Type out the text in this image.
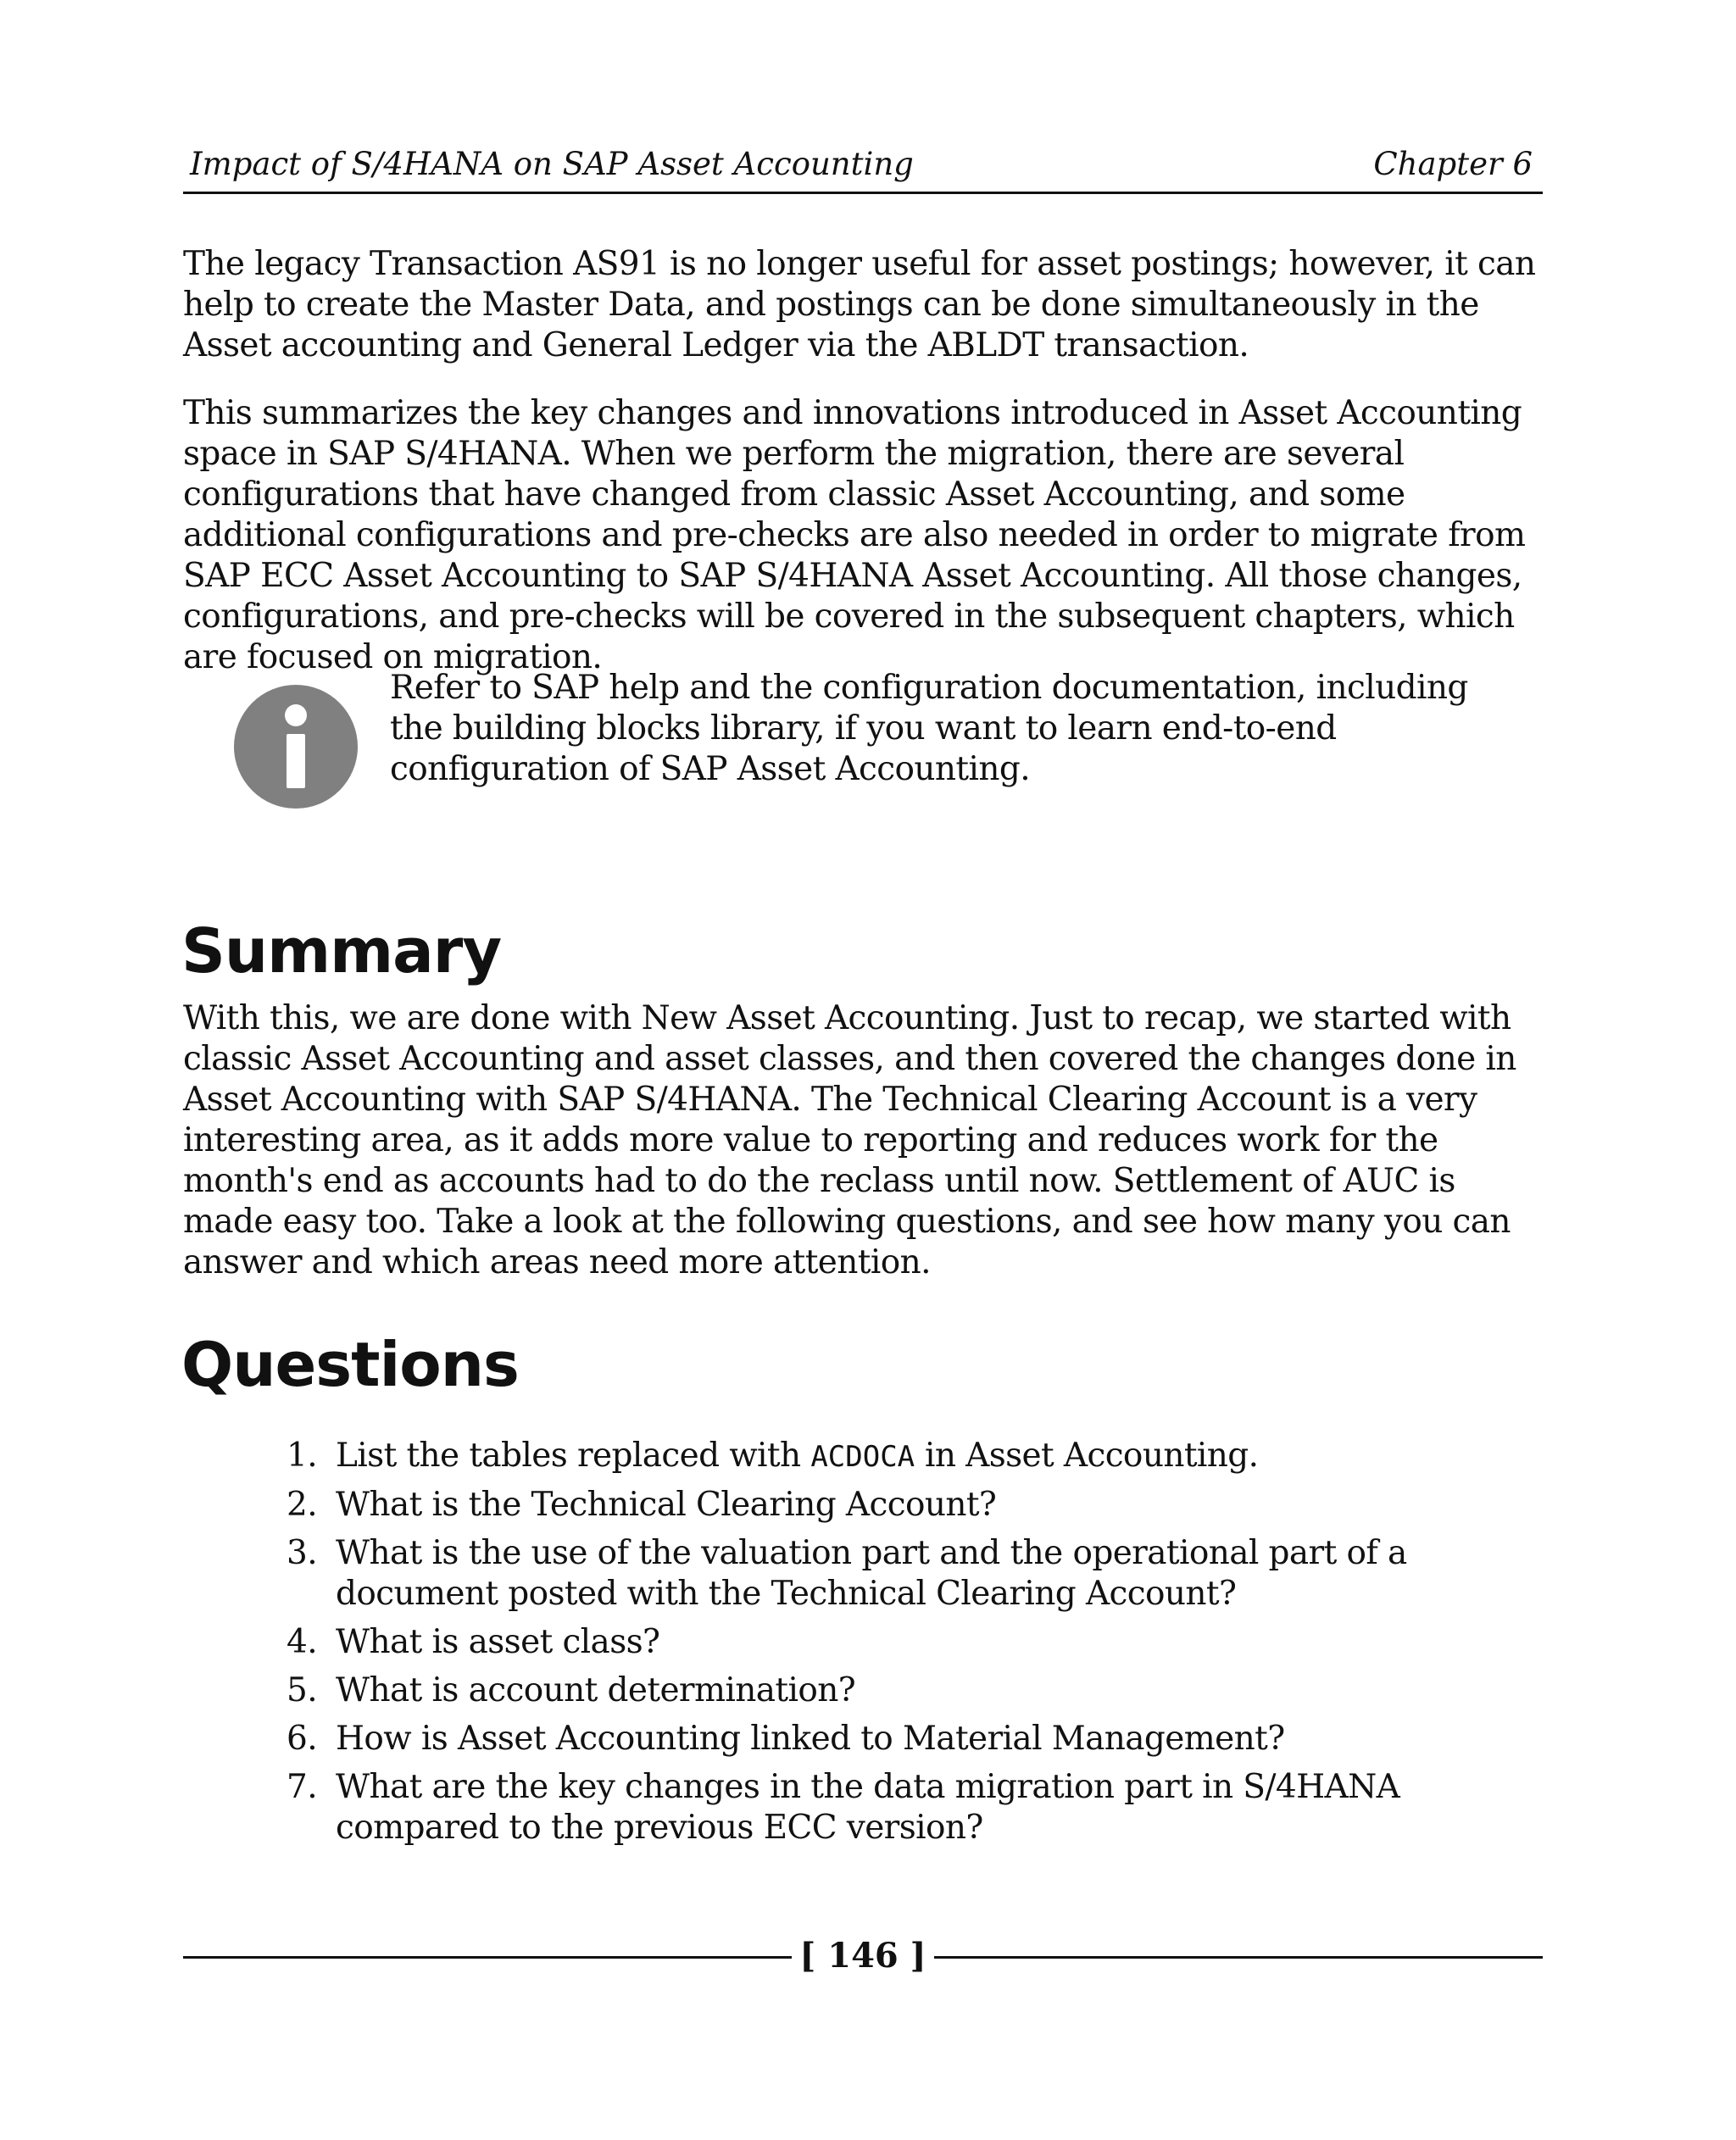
Impact of S/4HANA on SAP Asset Accounting	Chapter 6

The legacy Transaction AS91 is no longer useful for asset postings; however, it can help to create the Master Data, and postings can be done simultaneously in the Asset accounting and General Ledger via the ABLDT transaction.

This summarizes the key changes and innovations introduced in Asset Accounting space in SAP S/4HANA. When we perform the migration, there are several configurations that have changed from classic Asset Accounting, and some additional configurations and pre-checks are also needed in order to migrate from SAP ECC Asset Accounting to SAP S/4HANA Asset Accounting. All those changes, configurations, and pre-checks will be covered in the subsequent chapters, which are focused on migration.

Refer to SAP help and the configuration documentation, including the building blocks library, if you want to learn end-to-end configuration of SAP Asset Accounting.

Summary

With this, we are done with New Asset Accounting. Just to recap, we started with classic Asset Accounting and asset classes, and then covered the changes done in Asset Accounting with SAP S/4HANA. The Technical Clearing Account is a very interesting area, as it adds more value to reporting and reduces work for the month's end as accounts had to do the reclass until now. Settlement of AUC is made easy too. Take a look at the following questions, and see how many you can answer and which areas need more attention.

Questions
1. List the tables replaced with ACDOCA in Asset Accounting.
2. What is the Technical Clearing Account?
3. What is the use of the valuation part and the operational part of a document posted with the Technical Clearing Account?
4. What is asset class?
5. What is account determination?
6. How is Asset Accounting linked to Material Management?
7. What are the key changes in the data migration part in S/4HANA compared to the previous ECC version?
[ 146 ]
